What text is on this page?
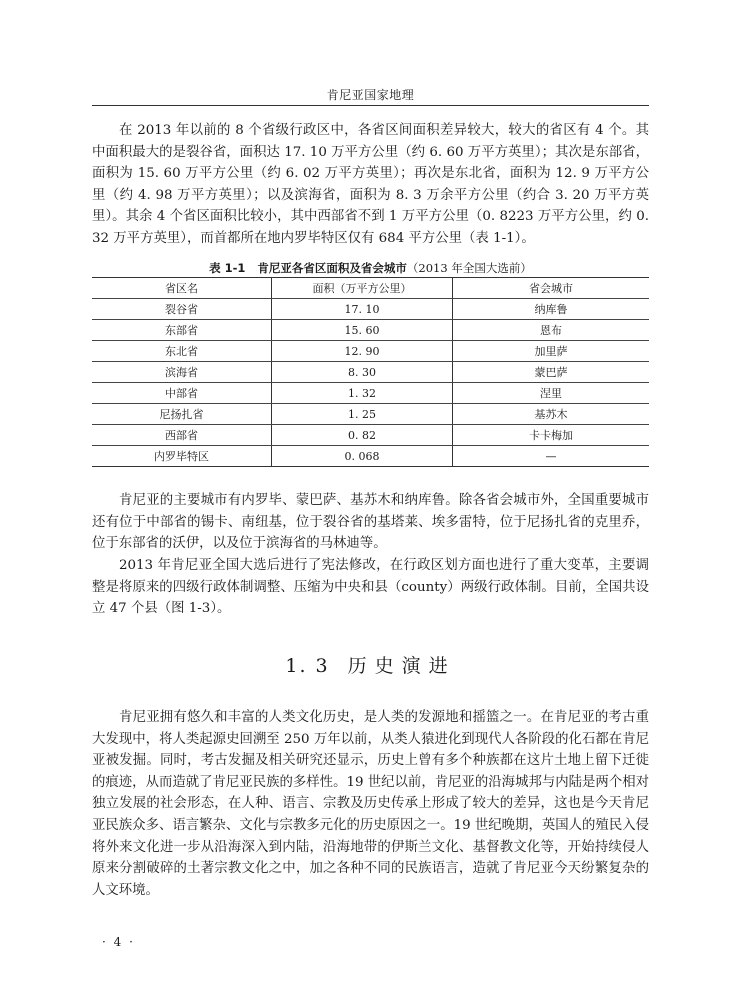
肯尼亚国家地理

在 2013 年以前的 8 个省级行政区中，各省区间面积差异较大，较大的省区有 4 个。其中面积最大的是裂谷省，面积达 17. 10 万平方公里（约 6. 60 万平方英里）；其次是东部省，面积为 15. 60 万平方公里（约 6. 02 万平方英里）；再次是东北省，面积为 12. 9 万平方公里（约 4. 98 万平方英里）；以及滨海省，面积为 8. 3 万余平方公里（约合 3. 20 万平方英里）。其余 4 个省区面积比较小，其中西部省不到 1 万平方公里（0. 8223 万平方公里，约 0. 32 万平方英里），而首都所在地内罗毕特区仅有 684 平方公里（表 1-1）。

表 1-1 肯尼亚各省区面积及省会城市（2013 年全国大选前）
省区名	面积（万平方公里）	省会城市
裂谷省	17. 10	纳库鲁
东部省	15. 60	恩布
东北省	12. 90	加里萨
滨海省	8. 30	蒙巴萨
中部省	1. 32	涅里
尼扬扎省	1. 25	基苏木
西部省	0. 82	卡卡梅加
内罗毕特区	0. 068	—

肯尼亚的主要城市有内罗毕、蒙巴萨、基苏木和纳库鲁。除各省会城市外，全国重要城市还有位于中部省的锡卡、南纽基，位于裂谷省的基塔莱、埃多雷特，位于尼扬扎省的克里乔，位于东部省的沃伊，以及位于滨海省的马林迪等。

2013 年肯尼亚全国大选后进行了宪法修改，在行政区划方面也进行了重大变革，主要调整是将原来的四级行政体制调整、压缩为中央和县（county）两级行政体制。目前，全国共设立 47 个县（图 1-3）。

1. 3 历史演进

肯尼亚拥有悠久和丰富的人类文化历史，是人类的发源地和摇篮之一。在肯尼亚的考古重大发现中，将人类起源史回溯至 250 万年以前，从类人猿进化到现代人各阶段的化石都在肯尼亚被发掘。同时，考古发掘及相关研究还显示，历史上曾有多个种族都在这片土地上留下迁徙的痕迹，从而造就了肯尼亚民族的多样性。19 世纪以前，肯尼亚的沿海城邦与内陆是两个相对独立发展的社会形态，在人种、语言、宗教及历史传承上形成了较大的差异，这也是今天肯尼亚民族众多、语言繁杂、文化与宗教多元化的历史原因之一。19 世纪晚期，英国人的殖民入侵将外来文化进一步从沿海深入到内陆，沿海地带的伊斯兰文化、基督教文化等，开始持续侵人原来分割破碎的土著宗教文化之中，加之各种不同的民族语言，造就了肯尼亚今天纷繁复杂的人文环境。

· 4 ·
